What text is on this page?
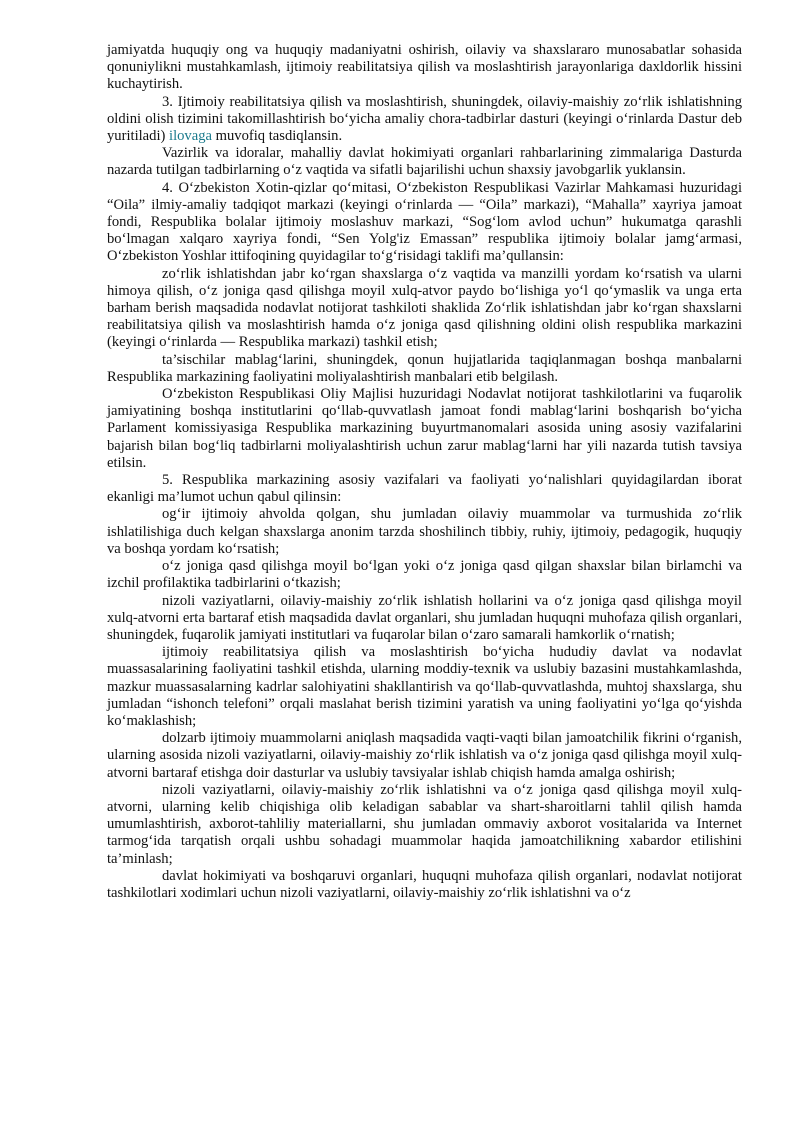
jamiyatda huquqiy ong va huquqiy madaniyatni oshirish, oilaviy va shaxslararo munosabatlar sohasida qonuniylikni mustahkamlash, ijtimoiy reabilitatsiya qilish va moslashtirish jarayonlariga daxldorlik hissini kuchaytirish.

3. Ijtimoiy reabilitatsiya qilish va moslashtirish, shuningdek, oilaviy-maishiy zo‘rlik ishlatishning oldini olish tizimini takomillashtirish bo‘yicha amaliy chora-tadbirlar dasturi (keyingi o‘rinlarda Dastur deb yuritiladi) ilovaga muvofiq tasdiqlansin.

Vazirlik va idoralar, mahalliy davlat hokimiyati organlari rahbarlarining zimmalariga Dasturda nazarda tutilgan tadbirlarning o‘z vaqtida va sifatli bajarilishi uchun shaxsiy javobgarlik yuklansin.

4. O‘zbekiston Xotin-qizlar qo‘mitasi, O‘zbekiston Respublikasi Vazirlar Mahkamasi huzuridagi “Oila” ilmiy-amaliy tadqiqot markazi (keyingi o‘rinlarda — “Oila” markazi), “Mahalla” xayriya jamoat fondi, Respublika bolalar ijtimoiy moslashuv markazi, “Sog‘lom avlod uchun” hukumatga qarashli bo‘lmagan xalqaro xayriya fondi, “Sen Yolg'iz Emassan” respublika ijtimoiy bolalar jamg‘armasi, O‘zbekiston Yoshlar ittifoqining quyidagilar to‘g‘risidagi taklifi ma’qullansin:

zo‘rlik ishlatishdan jabr ko‘rgan shaxslarga o‘z vaqtida va manzilli yordam ko‘rsatish va ularni himoya qilish, o‘z joniga qasd qilishga moyil xulq-atvor paydo bo‘lishiga yo‘l qo‘ymaslik va unga erta barham berish maqsadida nodavlat notijorat tashkiloti shaklida Zo‘rlik ishlatishdan jabr ko‘rgan shaxslarni reabilitatsiya qilish va moslashtirish hamda o‘z joniga qasd qilishning oldini olish respublika markazini (keyingi o‘rinlarda — Respublika markazi) tashkil etish;

ta’sischilar mablag‘larini, shuningdek, qonun hujjatlarida taqiqlanmagan boshqa manbalarni Respublika markazining faoliyatini moliyalashtirish manbalari etib belgilash.

O‘zbekiston Respublikasi Oliy Majlisi huzuridagi Nodavlat notijorat tashkilotlarini va fuqarolik jamiyatining boshqa institutlarini qo‘llab-quvvatlash jamoat fondi mablag‘larini boshqarish bo‘yicha Parlament komissiyasiga Respublika markazining buyurtmanomalari asosida uning asosiy vazifalarini bajarish bilan bog‘liq tadbirlarni moliyalashtirish uchun zarur mablag‘larni har yili nazarda tutish tavsiya etilsin.

5. Respublika markazining asosiy vazifalari va faoliyati yo‘nalishlari quyidagilardan iborat ekanligi ma’lumot uchun qabul qilinsin:

og‘ir ijtimoiy ahvolda qolgan, shu jumladan oilaviy muammolar va turmushida zo‘rlik ishlatilishiga duch kelgan shaxslarga anonim tarzda shoshilinch tibbiy, ruhiy, ijtimoiy, pedagogik, huquqiy va boshqa yordam ko‘rsatish;

o‘z joniga qasd qilishga moyil bo‘lgan yoki o‘z joniga qasd qilgan shaxslar bilan birlamchi va izchil profilaktika tadbirlarini o‘tkazish;

nizoli vaziyatlarni, oilaviy-maishiy zo‘rlik ishlatish hollarini va o‘z joniga qasd qilishga moyil xulq-atvorni erta bartaraf etish maqsadida davlat organlari, shu jumladan huquqni muhofaza qilish organlari, shuningdek, fuqarolik jamiyati institutlari va fuqarolar bilan o‘zaro samarali hamkorlik o‘rnatish;

ijtimoiy reabilitatsiya qilish va moslashtirish bo‘yicha hududiy davlat va nodavlat muassasalarining faoliyatini tashkil etishda, ularning moddiy-texnik va uslubiy bazasini mustahkamlashda, mazkur muassasalarning kadrlar salohiyatini shakllantirish va qo‘llab-quvvatlashda, muhtoj shaxslarga, shu jumladan “ishonch telefoni” orqali maslahat berish tizimini yaratish va uning faoliyatini yo‘lga qo‘yishda ko‘maklashish;

dolzarb ijtimoiy muammolarni aniqlash maqsadida vaqti-vaqti bilan jamoatchilik fikrini o‘rganish, ularning asosida nizoli vaziyatlarni, oilaviy-maishiy zo‘rlik ishlatish va o‘z joniga qasd qilishga moyil xulq-atvorni bartaraf etishga doir dasturlar va uslubiy tavsiyalar ishlab chiqish hamda amalga oshirish;

nizoli vaziyatlarni, oilaviy-maishiy zo‘rlik ishlatishni va o‘z joniga qasd qilishga moyil xulq-atvorni, ularning kelib chiqishiga olib keladigan sabablar va shart-sharoitlarni tahlil qilish hamda umumlashtirish, axborot-tahliliy materiallarni, shu jumladan ommaviy axborot vositalarida va Internet tarmog‘ida tarqatish orqali ushbu sohadagi muammolar haqida jamoatchilikning xabardor etilishini ta’minlash;

davlat hokimiyati va boshqaruvi organlari, huquqni muhofaza qilish organlari, nodavlat notijorat tashkilotlari xodimlari uchun nizoli vaziyatlarni, oilaviy-maishiy zo‘rlik ishlatishni va o‘z
